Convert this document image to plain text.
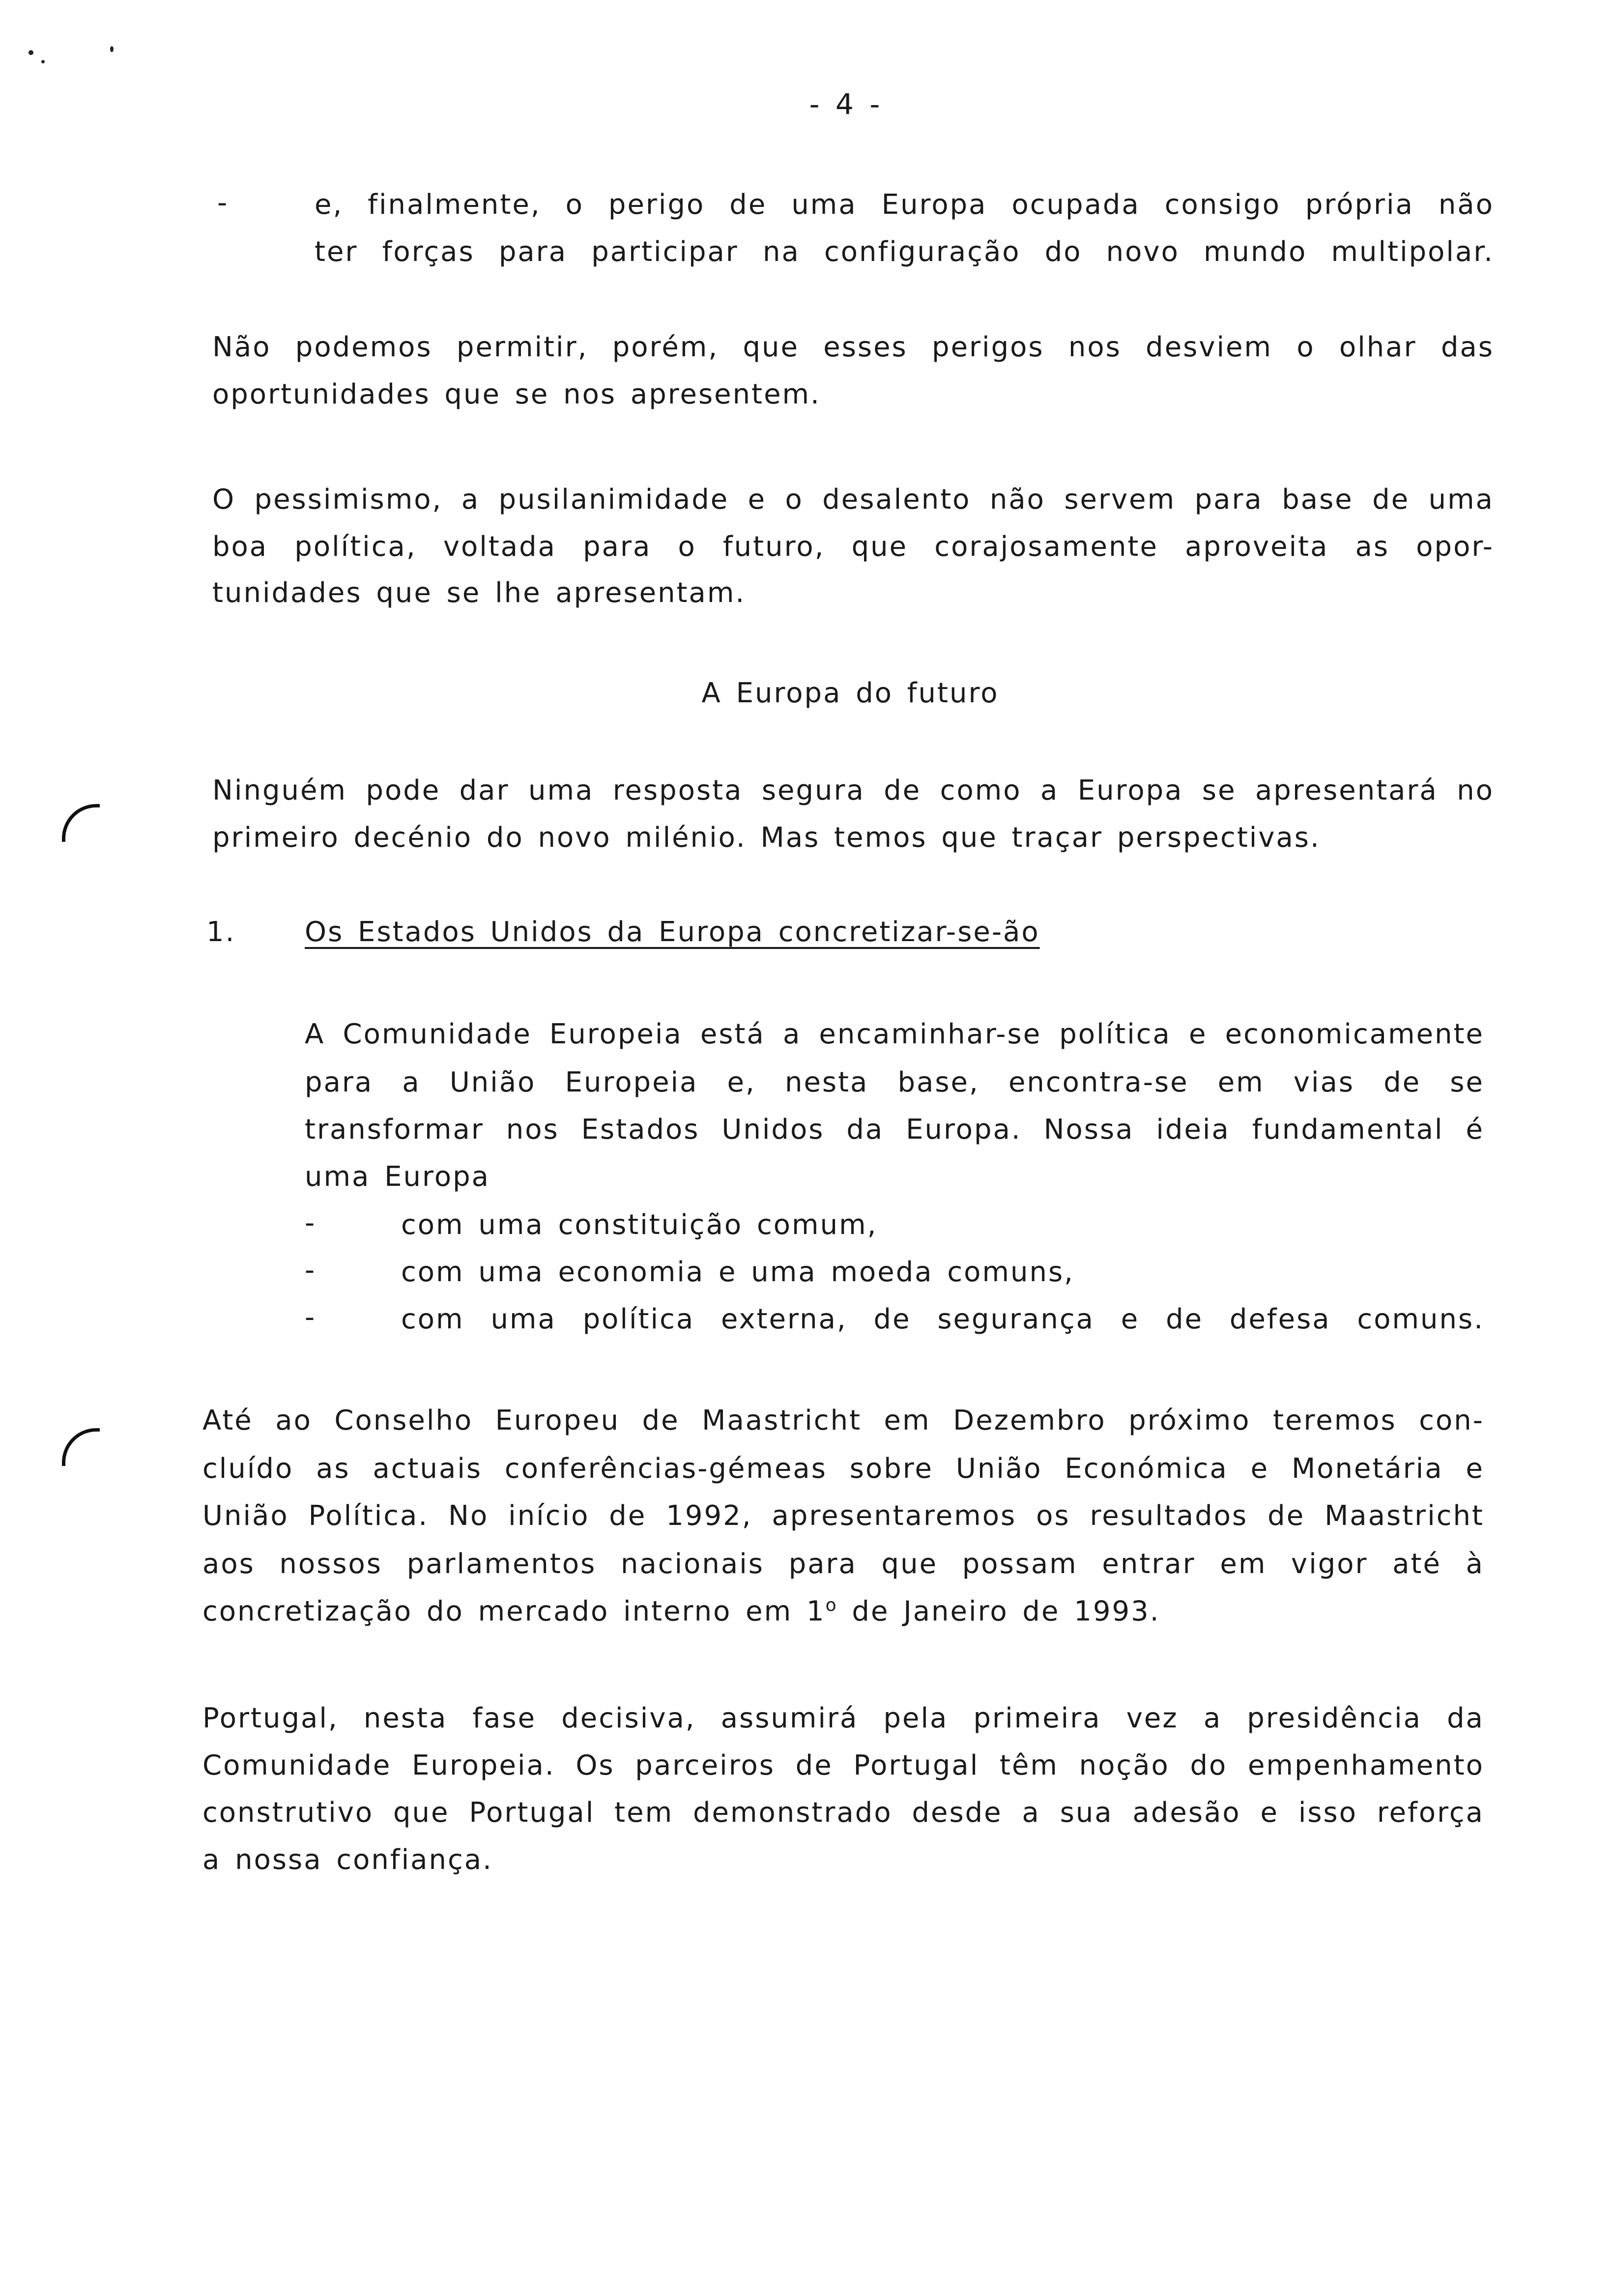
- 4 -
-	e, finalmente, o perigo de uma Europa ocupada consigo própria não
ter forças para participar na configuração do novo mundo multipolar.
Não podemos permitir, porém, que esses perigos nos desviem o olhar das
oportunidades que se nos apresentem.
O pessimismo, a pusilanimidade e o desalento não servem para base de uma
boa política, voltada para o futuro, que corajosamente aproveita as opor-
tunidades que se lhe apresentam.
A Europa do futuro
Ninguém pode dar uma resposta segura de como a Europa se apresentará no
primeiro decénio do novo milénio. Mas temos que traçar perspectivas.
1.	Os Estados Unidos da Europa concretizar-se-ão
A Comunidade Europeia está a encaminhar-se política e economicamente
para a União Europeia e, nesta base, encontra-se em vias de se
transformar nos Estados Unidos da Europa. Nossa ideia fundamental é
uma Europa
-	com uma constituição comum,
-	com uma economia e uma moeda comuns,
-	com uma política externa, de segurança e de defesa comuns.
Até ao Conselho Europeu de Maastricht em Dezembro próximo teremos con-
cluído as actuais conferências-gémeas sobre União Económica e Monetária e
União Política. No início de 1992, apresentaremos os resultados de Maastricht
aos nossos parlamentos nacionais para que possam entrar em vigor até à
concretização do mercado interno em 1$^o$ de Janeiro de 1993.
Portugal, nesta fase decisiva, assumirá pela primeira vez a presidência da
Comunidade Europeia. Os parceiros de Portugal têm noção do empenhamento
construtivo que Portugal tem demonstrado desde a sua adesão e isso reforça
a nossa confiança.
